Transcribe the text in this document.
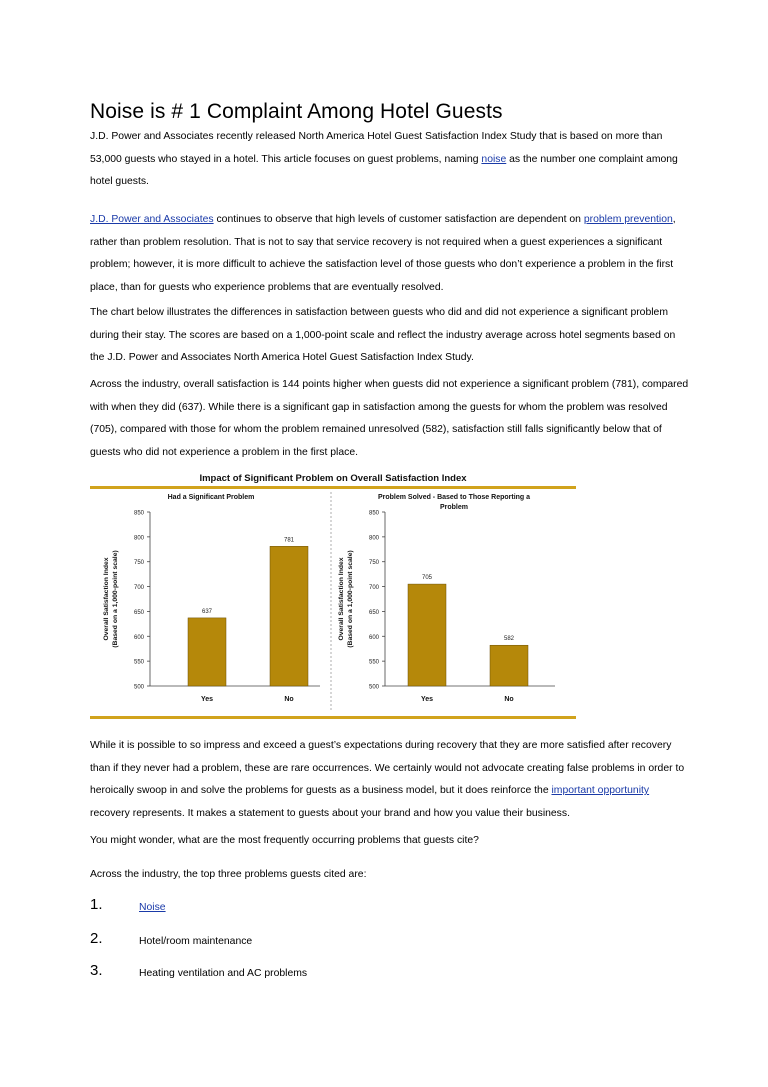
Noise is # 1 Complaint Among Hotel Guests

J.D. Power and Associates recently released North America Hotel Guest Satisfaction Index Study that is based on more than 53,000 guests who stayed in a hotel. This article focuses on guest problems, naming noise as the number one complaint among hotel guests.

J.D. Power and Associates continues to observe that high levels of customer satisfaction are dependent on problem prevention, rather than problem resolution. That is not to say that service recovery is not required when a guest experiences a significant problem; however, it is more difficult to achieve the satisfaction level of those guests who don’t experience a problem in the first place, than for guests who experience problems that are eventually resolved.

The chart below illustrates the differences in satisfaction between guests who did and did not experience a significant problem during their stay. The scores are based on a 1,000-point scale and reflect the industry average across hotel segments based on the J.D. Power and Associates North America Hotel Guest Satisfaction Index Study.

Across the industry, overall satisfaction is 144 points higher when guests did not experience a significant problem (781), compared with when they did (637). While there is a significant gap in satisfaction among the guests for whom the problem was resolved (705), compared with those for whom the problem remained unresolved (582), satisfaction still falls significantly below that of guests who did not experience a problem in the first place.

Impact of Significant Problem on Overall Satisfaction Index
Had a Significant Problem
500
550
600
650
700
750
800
850
Overall Satisfaction Index (Based on a 1,000-point scale)	637
Yes
781
No
Problem Solved - Based to Those Reporting a
Problem
500
550
600
650
700
750
800
850
Overall Satisfaction Index (Based on a 1,000-point scale)	705
Yes
582
No

While it is possible to so impress and exceed a guest’s expectations during recovery that they are more satisfied after recovery than if they never had a problem, these are rare occurrences. We certainly would not advocate creating false problems in order to heroically swoop in and solve the problems for guests as a business model, but it does reinforce the important opportunity recovery represents. It makes a statement to guests about your brand and how you value their business.

You might wonder, what are the most frequently occurring problems that guests cite?

Across the industry, the top three problems guests cited are:

1.	Noise
2.	Hotel/room maintenance
3.	Heating ventilation and AC problems
